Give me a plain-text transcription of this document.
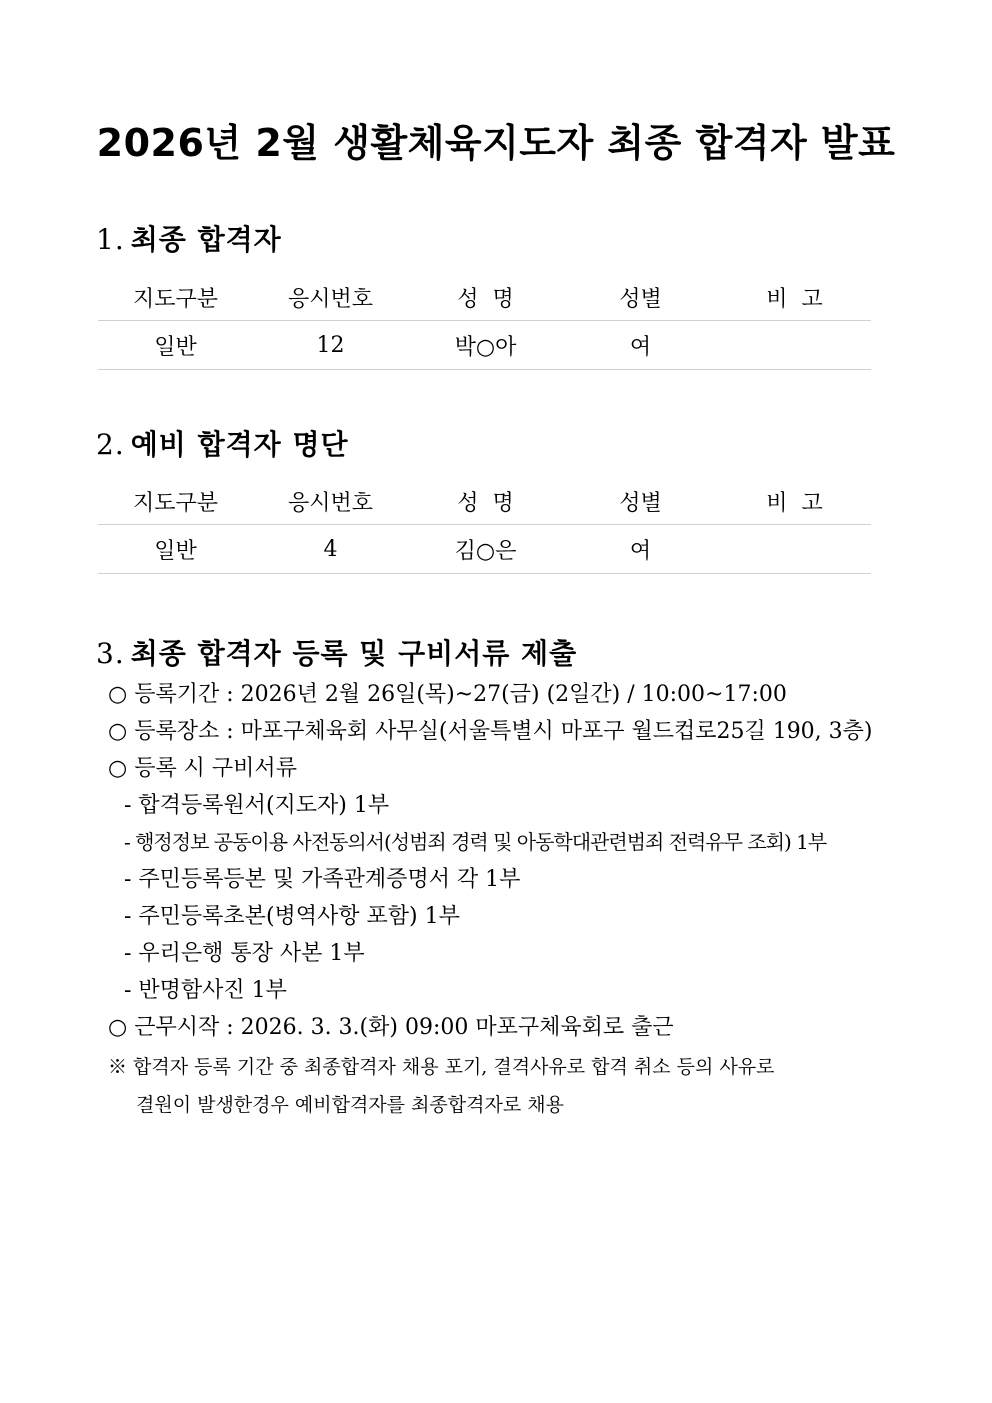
2026년 2월 생활체육지도자 최종 합격자 발표
1. 최종 합격자
지도구분	응시번호	성  명	성별	비  고
일반	12	박○아	여	
2. 예비 합격자 명단
지도구분	응시번호	성  명	성별	비  고
일반	4	김○은	여	
3. 최종 합격자 등록 및 구비서류 제출
○ 등록기간 : 2026년 2월 26일(목)~27(금) (2일간) / 10:00~17:00
○ 등록장소 : 마포구체육회 사무실(서울특별시 마포구 월드컵로25길 190, 3층)
○ 등록 시 구비서류
- 합격등록원서(지도자) 1부
- 행정정보 공동이용 사전동의서(성범죄 경력 및 아동학대관련범죄 전력유무 조회) 1부
- 주민등록등본 및 가족관계증명서 각 1부
- 주민등록초본(병역사항 포함) 1부
- 우리은행 통장 사본 1부
- 반명함사진 1부
○ 근무시작 : 2026. 3. 3.(화) 09:00 마포구체육회로 출근
※ 합격자 등록 기간 중 최종합격자 채용 포기, 결격사유로 합격 취소 등의 사유로
결원이 발생한경우 예비합격자를 최종합격자로 채용
